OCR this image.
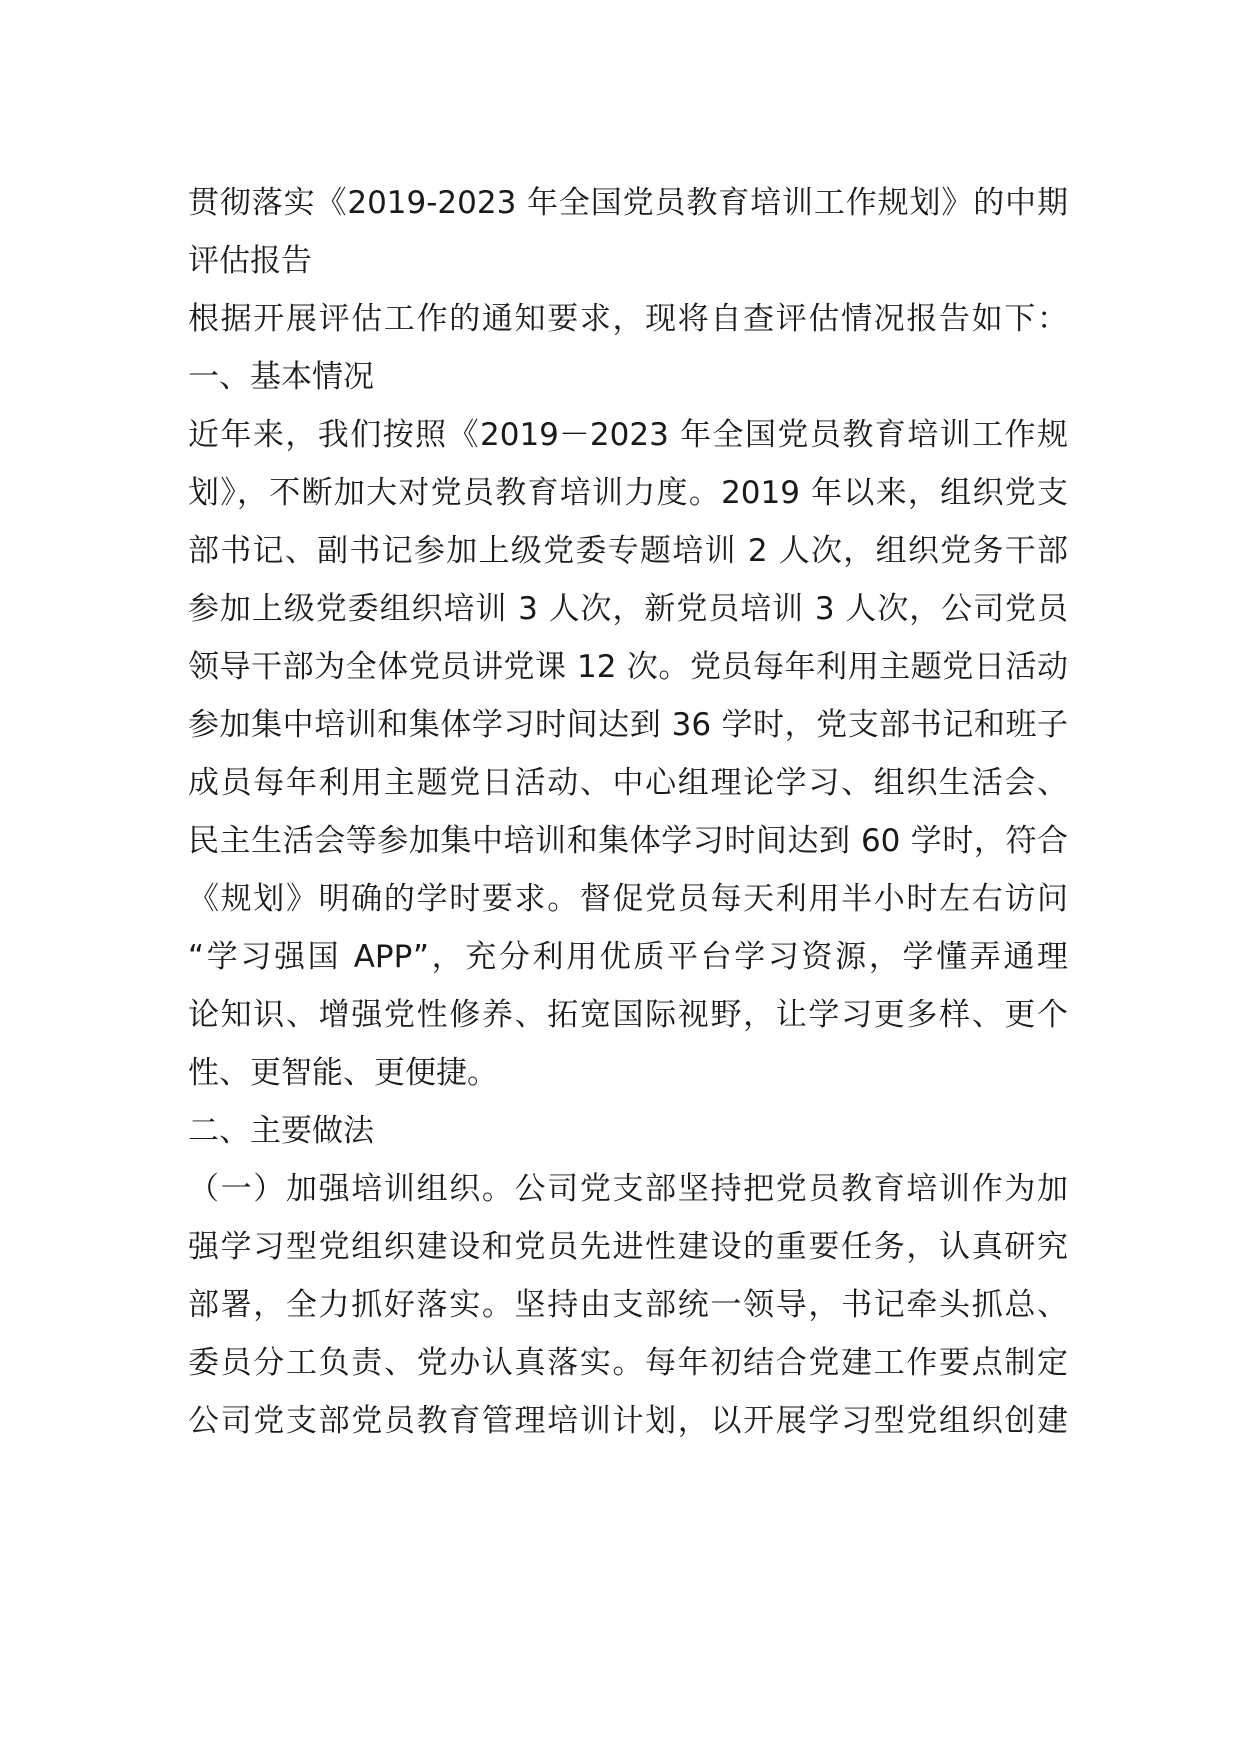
贯彻落实《2019-2023 年全国党员教育培训工作规划》的中期
评估报告
根据开展评估工作的通知要求，现将自查评估情况报告如下：
一、基本情况
近年来，我们按照《2019－2023 年全国党员教育培训工作规
划》，不断加大对党员教育培训力度。2019 年以来，组织党支
部书记、副书记参加上级党委专题培训 2 人次，组织党务干部
参加上级党委组织培训 3 人次，新党员培训 3 人次，公司党员
领导干部为全体党员讲党课 12 次。党员每年利用主题党日活动
参加集中培训和集体学习时间达到 36 学时，党支部书记和班子
成员每年利用主题党日活动、中心组理论学习、组织生活会、
民主生活会等参加集中培训和集体学习时间达到 60 学时，符合
《规划》明确的学时要求。督促党员每天利用半小时左右访问
“学习强国 APP”，充分利用优质平台学习资源，学懂弄通理
论知识、增强党性修养、拓宽国际视野，让学习更多样、更个
性、更智能、更便捷。
二、主要做法
（一）加强培训组织。公司党支部坚持把党员教育培训作为加
强学习型党组织建设和党员先进性建设的重要任务，认真研究
部署，全力抓好落实。坚持由支部统一领导，书记牵头抓总、
委员分工负责、党办认真落实。每年初结合党建工作要点制定
公司党支部党员教育管理培训计划，以开展学习型党组织创建
